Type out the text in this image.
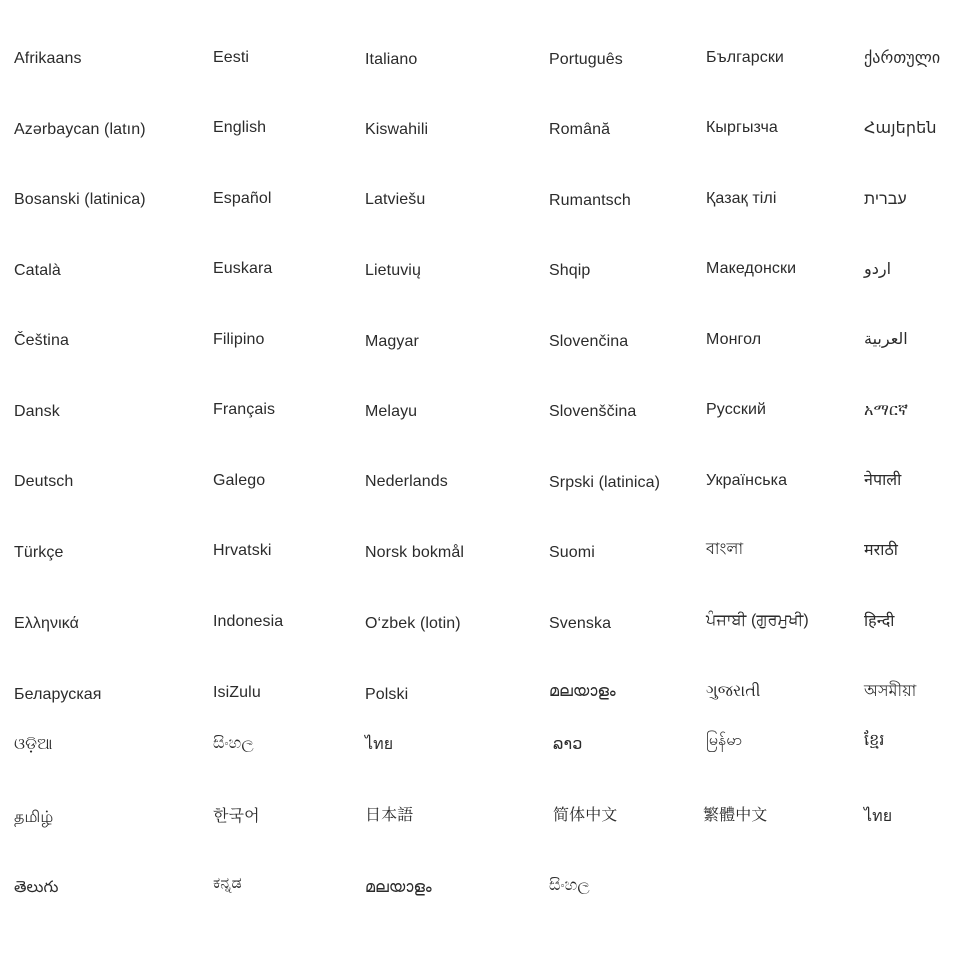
Afrikaans	Eesti	Italiano	Português	Български	ქართული
Azərbaycan (latın)	English	Kiswahili	Română	Кыргызча	Հայերեն
Bosanski (latinica)	Español	Latviešu	Rumantsch	Қазақ тілі	עברית
Català	Euskara	Lietuvių	Shqip	Македонски	اردو
Čeština	Filipino	Magyar	Slovenčina	Монгол	العربية
Dansk	Français	Melayu	Slovenščina	Русский	አማርኛ
Deutsch	Galego	Nederlands	Srpski (latinica)	Українська	नेपाली
Türkçe	Hrvatski	Norsk bokmål	Suomi	বাংলা	मराठी
Ελληνικά	Indonesia	O‘zbek (lotin)	Svenska	ਪੰਜਾਬੀ (ਗੁਰਮੁਖੀ)	हिन्दी
Беларуская	IsiZulu	Polski	മലയാളം	ગુજરાતી	অসমীয়া
ଓଡ଼ିଆ	සිංහල	ไทย	ລາວ	မြန်မာ	ខ្មែរ
தமிழ்	한국어	日本語	简体中文	繁體中文	ไทย
తెలుగు	ಕನ್ನಡ	മലയാളം	සිංහල
